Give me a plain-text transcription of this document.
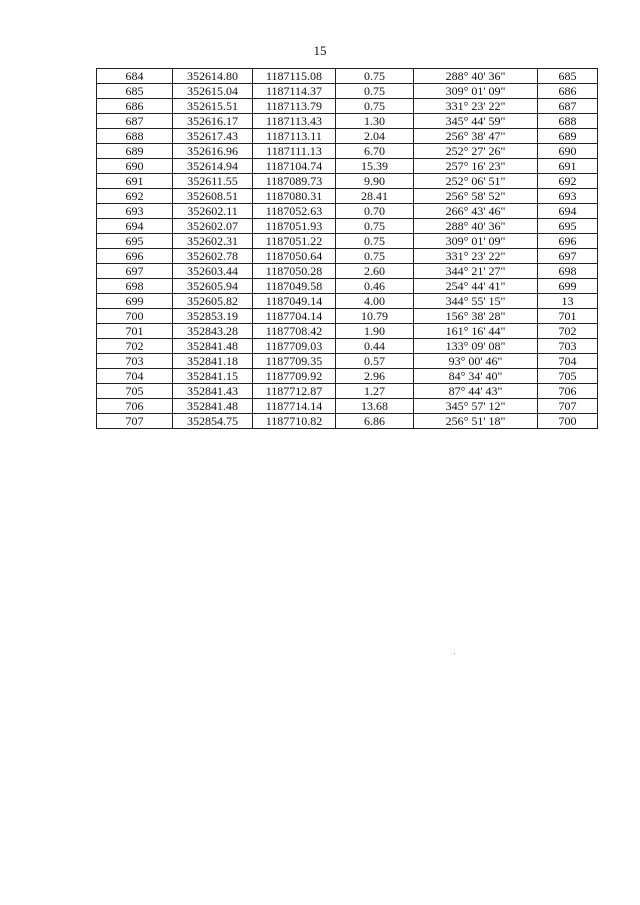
15
684	352614.80	1187115.08	0.75	288° 40' 36"	685
685	352615.04	1187114.37	0.75	309° 01' 09"	686
686	352615.51	1187113.79	0.75	331° 23' 22"	687
687	352616.17	1187113.43	1.30	345° 44' 59"	688
688	352617.43	1187113.11	2.04	256° 38' 47"	689
689	352616.96	1187111.13	6.70	252° 27' 26"	690
690	352614.94	1187104.74	15.39	257° 16' 23"	691
691	352611.55	1187089.73	9.90	252° 06' 51"	692
692	352608.51	1187080.31	28.41	256° 58' 52"	693
693	352602.11	1187052.63	0.70	266° 43' 46"	694
694	352602.07	1187051.93	0.75	288° 40' 36"	695
695	352602.31	1187051.22	0.75	309° 01' 09"	696
696	352602.78	1187050.64	0.75	331° 23' 22"	697
697	352603.44	1187050.28	2.60	344° 21' 27"	698
698	352605.94	1187049.58	0.46	254° 44' 41"	699
699	352605.82	1187049.14	4.00	344° 55' 15"	13
700	352853.19	1187704.14	10.79	156° 38' 28"	701
701	352843.28	1187708.42	1.90	161° 16' 44"	702
702	352841.48	1187709.03	0.44	133° 09' 08"	703
703	352841.18	1187709.35	0.57	93° 00' 46"	704
704	352841.15	1187709.92	2.96	84° 34' 40"	705
705	352841.43	1187712.87	1.27	87° 44' 43"	706
706	352841.48	1187714.14	13.68	345° 57' 12"	707
707	352854.75	1187710.82	6.86	256° 51' 18"	700
